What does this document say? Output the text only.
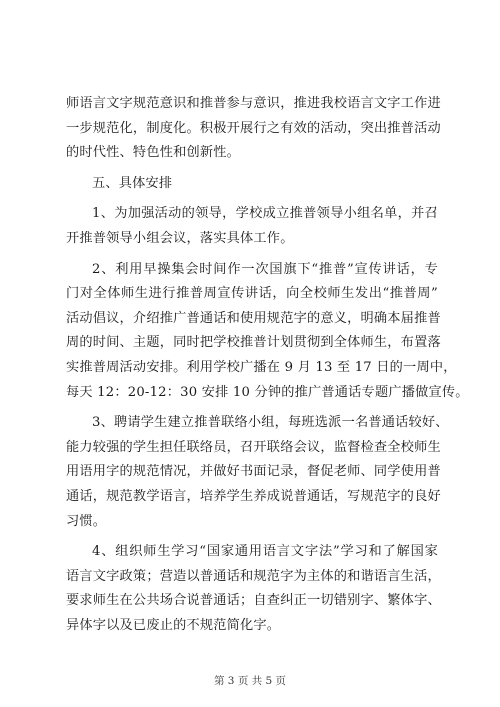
师语言文字规范意识和推普参与意识，推进我校语言文字工作进
一步规范化，制度化。积极开展行之有效的活动，突出推普活动
的时代性、特色性和创新性。
五、具体安排
1、为加强活动的领导，学校成立推普领导小组名单，并召
开推普领导小组会议，落实具体工作。
2、利用早操集会时间作一次国旗下“推普”宣传讲话，专
门对全体师生进行推普周宣传讲话，向全校师生发出“推普周”
活动倡议，介绍推广普通话和使用规范字的意义，明确本届推普
周的时间、主题，同时把学校推普计划贯彻到全体师生，布置落
实推普周活动安排。利用学校广播在 9 月 13 至 17 日的一周中，
每天 12：20-12：30 安排 10 分钟的推广普通话专题广播做宣传。
3、聘请学生建立推普联络小组，每班选派一名普通话较好、
能力较强的学生担任联络员，召开联络会议，监督检查全校师生
用语用字的规范情况，并做好书面记录，督促老师、同学使用普
通话，规范教学语言，培养学生养成说普通话，写规范字的良好
习惯。
4、组织师生学习“国家通用语言文字法”学习和了解国家
语言文字政策；营造以普通话和规范字为主体的和谐语言生活，
要求师生在公共场合说普通话；自查纠正一切错别字、繁体字、
异体字以及已废止的不规范简化字。
第 3 页 共 5 页
